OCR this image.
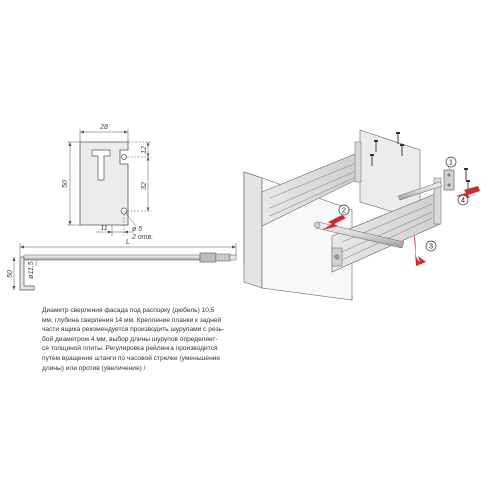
28
50
12
32
11	ø 5
2 отв.
L
50 ø11,5
1
2
3
4
Диаметр сверления фасада под распорку (дюбель) 10,5
мм, глубина сверления 14 мм. Крепление планки к задней
части ящика рекомендуется производить шурупами с резь-
бой диаметром 4 мм, выбор длины шурупов определяет-
ся толщиной плиты. Регулировка рейлинга производится
путем вращения штанги по часовой стрелке (уменьшение
длины) или против (увеличение) /
